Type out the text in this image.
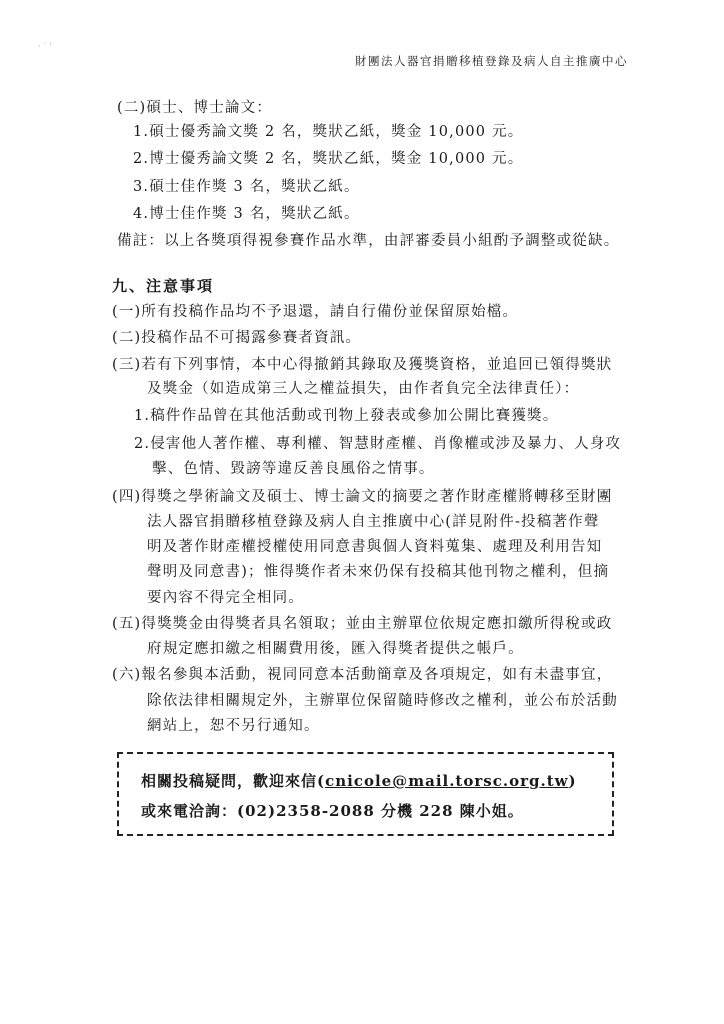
· ˙ ˈ
財團法人器官捐贈移植登錄及病人自主推廣中心
(二)碩士、博士論文：
1.碩士優秀論文獎 2 名，獎狀乙紙，獎金 10,000 元。
2.博士優秀論文獎 2 名，獎狀乙紙，獎金 10,000 元。
3.碩士佳作獎 3 名，獎狀乙紙。
4.博士佳作獎 3 名，獎狀乙紙。
備註：以上各獎項得視參賽作品水準，由評審委員小組酌予調整或從缺。
九、注意事項
(一)所有投稿作品均不予退還，請自行備份並保留原始檔。
(二)投稿作品不可揭露參賽者資訊。
(三)若有下列事情，本中心得撤銷其錄取及獲獎資格，並追回已領得獎狀
及獎金（如造成第三人之權益損失，由作者負完全法律責任）：
1.稿件作品曾在其他活動或刊物上發表或參加公開比賽獲獎。
2.侵害他人著作權、專利權、智慧財產權、肖像權或涉及暴力、人身攻
擊、色情、毀謗等違反善良風俗之情事。
(四)得獎之學術論文及碩士、博士論文的摘要之著作財產權將轉移至財團
法人器官捐贈移植登錄及病人自主推廣中心(詳見附件-投稿著作聲
明及著作財產權授權使用同意書與個人資料蒐集、處理及利用告知
聲明及同意書)；惟得獎作者未來仍保有投稿其他刊物之權利，但摘
要內容不得完全相同。
(五)得獎獎金由得獎者具名領取；並由主辦單位依規定應扣繳所得稅或政
府規定應扣繳之相關費用後，匯入得獎者提供之帳戶。
(六)報名參與本活動，視同同意本活動簡章及各項規定，如有未盡事宜，
除依法律相關規定外，主辦單位保留隨時修改之權利，並公布於活動
網站上，恕不另行通知。
相關投稿疑問，歡迎來信(cnicole@mail.torsc.org.tw)
或來電洽詢：(02)2358-2088 分機 228 陳小姐。
